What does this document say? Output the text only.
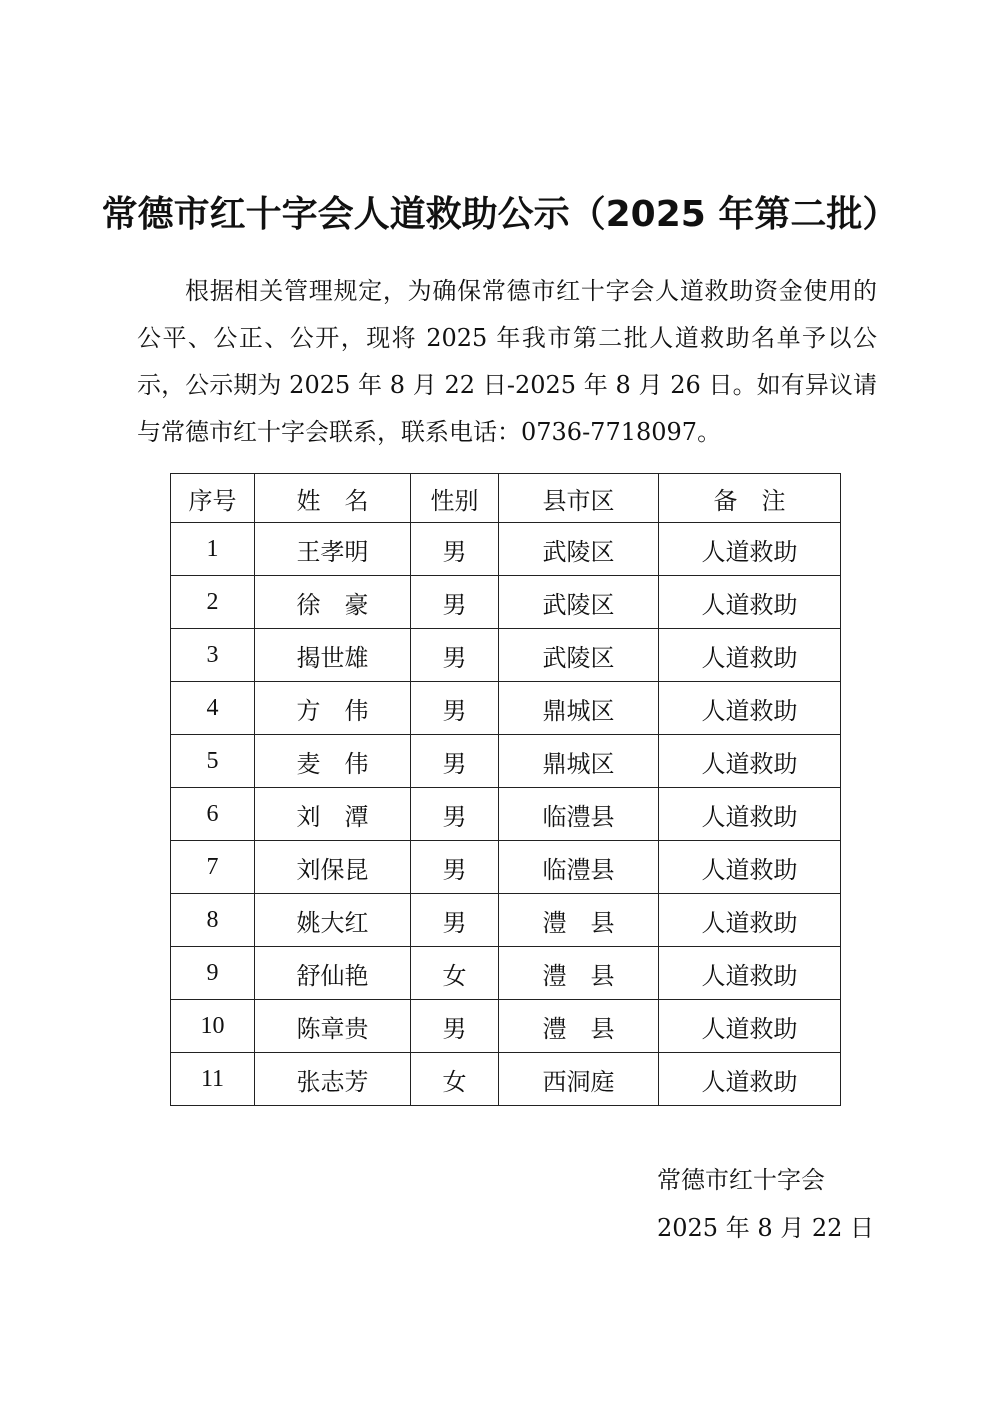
常德市红十字会人道救助公示（2025 年第二批）

根据相关管理规定，为确保常德市红十字会人道救助资金使用的公平、公正、公开，现将 2025 年我市第二批人道救助名单予以公示，公示期为 2025 年 8 月 22 日-2025 年 8 月 26 日。如有异议请与常德市红十字会联系，联系电话：0736-7718097。

序号	姓　名	性别	县市区	备　注
1	王孝明	男	武陵区	人道救助
2	徐　豪	男	武陵区	人道救助
3	揭世雄	男	武陵区	人道救助
4	方　伟	男	鼎城区	人道救助
5	麦　伟	男	鼎城区	人道救助
6	刘　潭	男	临澧县	人道救助
7	刘保昆	男	临澧县	人道救助
8	姚大红	男	澧　县	人道救助
9	舒仙艳	女	澧　县	人道救助
10	陈章贵	男	澧　县	人道救助
11	张志芳	女	西洞庭	人道救助
常德市红十字会
2025 年 8 月 22 日
